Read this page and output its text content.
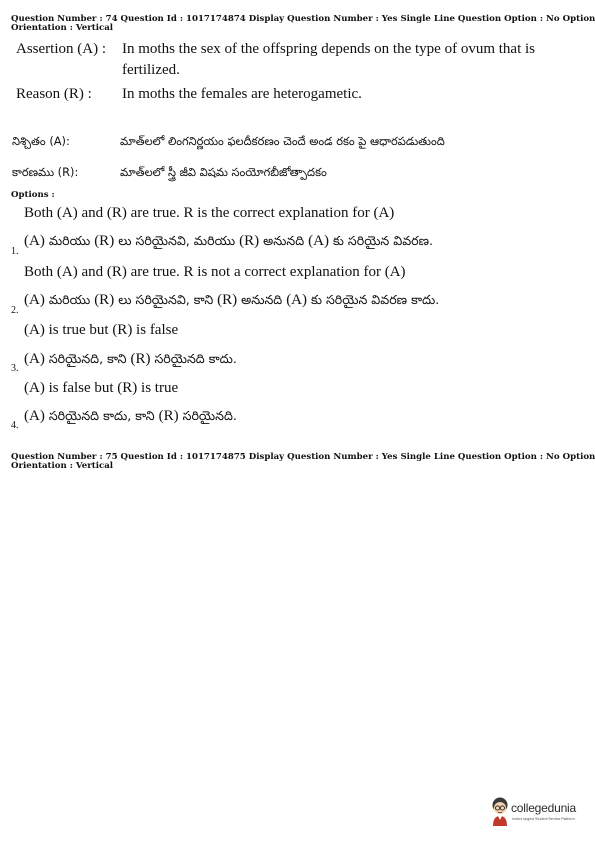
Question Number : 74 Question Id : 1017174874 Display Question Number : Yes Single Line Question Option : No Option
Orientation : Vertical
Assertion (A) : In moths the sex of the offspring depends on the type of ovum that is
fertilized.
Reason (R) : In moths the females are heterogametic.
నిశ్చితం (A):	మాత్‌లలో లింగనిర్ణయం ఫలదీకరణం చెందే అండ రకం పై ఆధారపడుతుంది
కారణము (R):	మాత్‌లలో స్త్రీ జీవి విషమ సంయోగబీజోత్పాదకం
Options :
Both (A) and (R) are true. R is the correct explanation for (A)
(A) మరియు (R) లు సరియైనవి, మరియు (R) అనునది (A) కు సరియైన వివరణ.
1.
Both (A) and (R) are true. R is not a correct explanation for (A)
(A) మరియు (R) లు సరియైనవి, కాని (R) అనునది (A) కు సరియైన వివరణ కాదు.
2.
(A) is true but (R) is false
(A) సరియైనది, కాని (R) సరియైనది కాదు.
3.
(A) is false but (R) is true
(A) సరియైనది కాదు, కాని (R) సరియైనది.
4.
Question Number : 75 Question Id : 1017174875 Display Question Number : Yes Single Line Question Option : No Option
Orientation : Vertical
collegedunia
India's largest Student Review Platform
